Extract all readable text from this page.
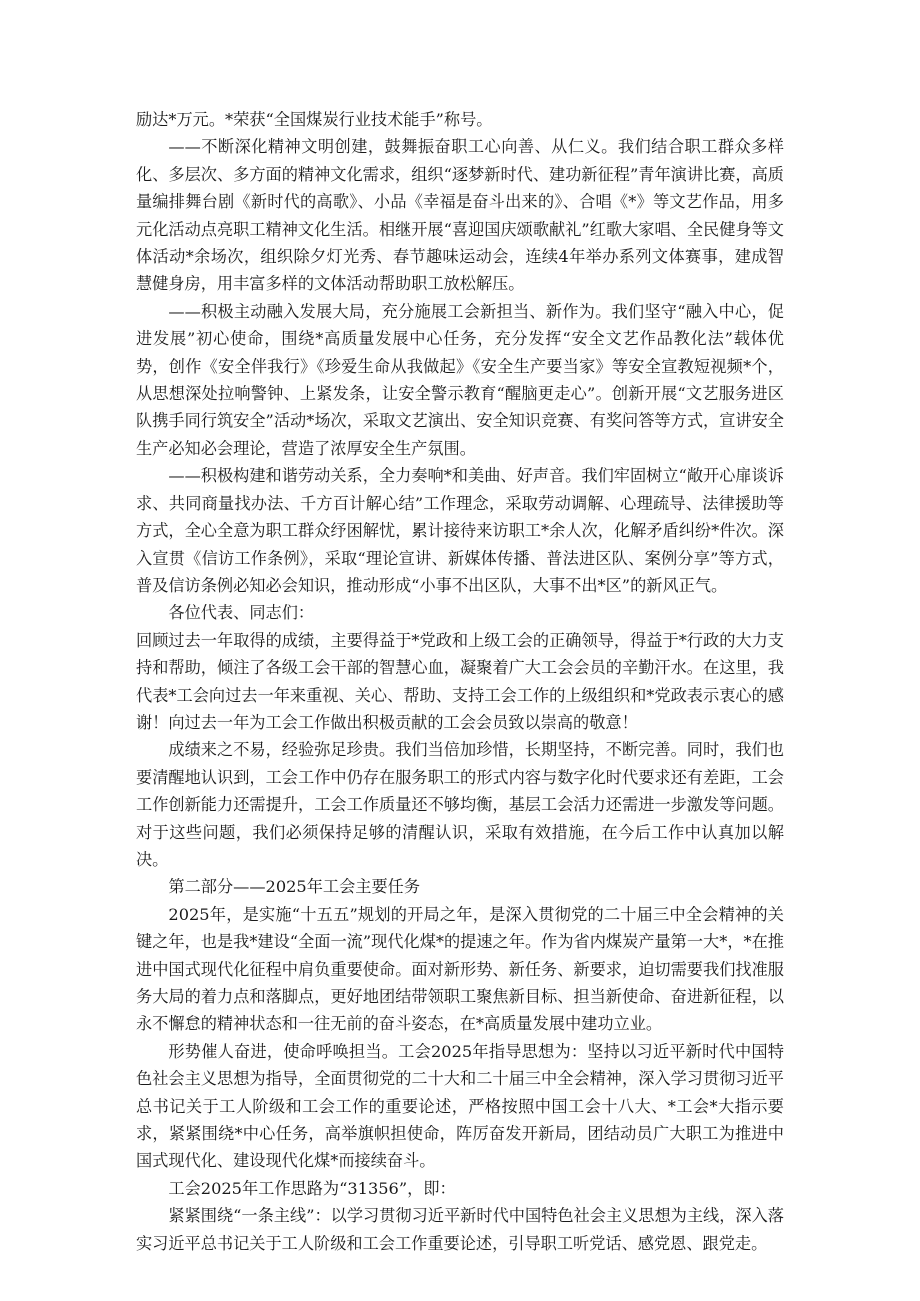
励达*万元。*荣获“全国煤炭行业技术能手”称号。

——不断深化精神文明创建，鼓舞振奋职工心向善、从仁义。我们结合职工群众多样化、多层次、多方面的精神文化需求，组织“逐梦新时代、建功新征程”青年演讲比赛，高质量编排舞台剧《新时代的高歌》、小品《幸福是奋斗出来的》、合唱《*》等文艺作品，用多元化活动点亮职工精神文化生活。相继开展“喜迎国庆颂歌献礼”红歌大家唱、全民健身等文体活动*余场次，组织除夕灯光秀、春节趣味运动会，连续4年举办系列文体赛事，建成智慧健身房，用丰富多样的文体活动帮助职工放松解压。

——积极主动融入发展大局，充分施展工会新担当、新作为。我们坚守“融入中心，促进发展”初心使命，围绕*高质量发展中心任务，充分发挥“安全文艺作品教化法”载体优势，创作《安全伴我行》《珍爱生命从我做起》《安全生产要当家》等安全宣教短视频*个，从思想深处拉响警钟、上紧发条，让安全警示教育“醒脑更走心”。创新开展“文艺服务进区队携手同行筑安全”活动*场次，采取文艺演出、安全知识竞赛、有奖问答等方式，宣讲安全生产必知必会理论，营造了浓厚安全生产氛围。

——积极构建和谐劳动关系，全力奏响*和美曲、好声音。我们牢固树立“敞开心扉谈诉求、共同商量找办法、千方百计解心结”工作理念，采取劳动调解、心理疏导、法律援助等方式，全心全意为职工群众纾困解忧，累计接待来访职工*余人次，化解矛盾纠纷*件次。深入宣贯《信访工作条例》，采取“理论宣讲、新媒体传播、普法进区队、案例分享”等方式，普及信访条例必知必会知识，推动形成“小事不出区队，大事不出*区”的新风正气。

各位代表、同志们：

回顾过去一年取得的成绩，主要得益于*党政和上级工会的正确领导，得益于*行政的大力支持和帮助，倾注了各级工会干部的智慧心血，凝聚着广大工会会员的辛勤汗水。在这里，我代表*工会向过去一年来重视、关心、帮助、支持工会工作的上级组织和*党政表示衷心的感谢！向过去一年为工会工作做出积极贡献的工会会员致以崇高的敬意！

成绩来之不易，经验弥足珍贵。我们当倍加珍惜，长期坚持，不断完善。同时，我们也要清醒地认识到，工会工作中仍存在服务职工的形式内容与数字化时代要求还有差距，工会工作创新能力还需提升，工会工作质量还不够均衡，基层工会活力还需进一步激发等问题。对于这些问题，我们必须保持足够的清醒认识，采取有效措施，在今后工作中认真加以解决。

第二部分——2025年工会主要任务

2025年，是实施“十五五”规划的开局之年，是深入贯彻党的二十届三中全会精神的关键之年，也是我*建设“全面一流”现代化煤*的提速之年。作为省内煤炭产量第一大*，*在推进中国式现代化征程中肩负重要使命。面对新形势、新任务、新要求，迫切需要我们找准服务大局的着力点和落脚点，更好地团结带领职工聚焦新目标、担当新使命、奋进新征程，以永不懈怠的精神状态和一往无前的奋斗姿态，在*高质量发展中建功立业。

形势催人奋进，使命呼唤担当。工会2025年指导思想为：坚持以习近平新时代中国特色社会主义思想为指导，全面贯彻党的二十大和二十届三中全会精神，深入学习贯彻习近平总书记关于工人阶级和工会工作的重要论述，严格按照中国工会十八大、*工会*大指示要求，紧紧围绕*中心任务，高举旗帜担使命，阵厉奋发开新局，团结动员广大职工为推进中国式现代化、建设现代化煤*而接续奋斗。

工会2025年工作思路为“31356”，即：

紧紧围绕“一条主线”：以学习贯彻习近平新时代中国特色社会主义思想为主线，深入落实习近平总书记关于工人阶级和工会工作重要论述，引导职工听党话、感党恩、跟党走。
